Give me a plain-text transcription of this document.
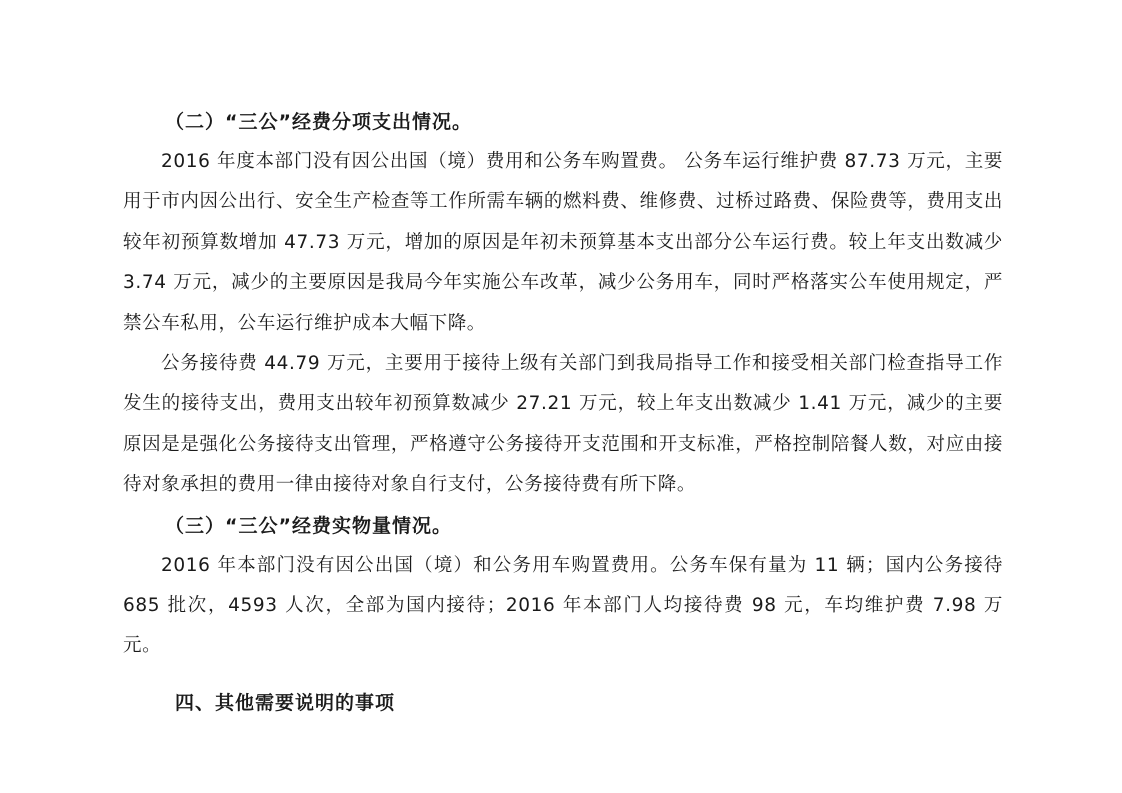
（二）“三公”经费分项支出情况。

2016 年度本部门没有因公出国（境）费用和公务车购置费。 公务车运行维护费 87.73 万元，主要用于市内因公出行、安全生产检查等工作所需车辆的燃料费、维修费、过桥过路费、保险费等，费用支出较年初预算数增加 47.73 万元，增加的原因是年初未预算基本支出部分公车运行费。较上年支出数减少 3.74 万元，减少的主要原因是我局今年实施公车改革，减少公务用车，同时严格落实公车使用规定，严禁公车私用，公车运行维护成本大幅下降。

公务接待费 44.79 万元，主要用于接待上级有关部门到我局指导工作和接受相关部门检查指导工作发生的接待支出，费用支出较年初预算数减少 27.21 万元，较上年支出数减少 1.41 万元，减少的主要原因是是强化公务接待支出管理，严格遵守公务接待开支范围和开支标准，严格控制陪餐人数，对应由接待对象承担的费用一律由接待对象自行支付，公务接待费有所下降。

（三）“三公”经费实物量情况。

2016 年本部门没有因公出国（境）和公务用车购置费用。公务车保有量为 11 辆；国内公务接待 685 批次，4593 人次，全部为国内接待；2016 年本部门人均接待费 98 元，车均维护费 7.98 万元。

四、其他需要说明的事项
